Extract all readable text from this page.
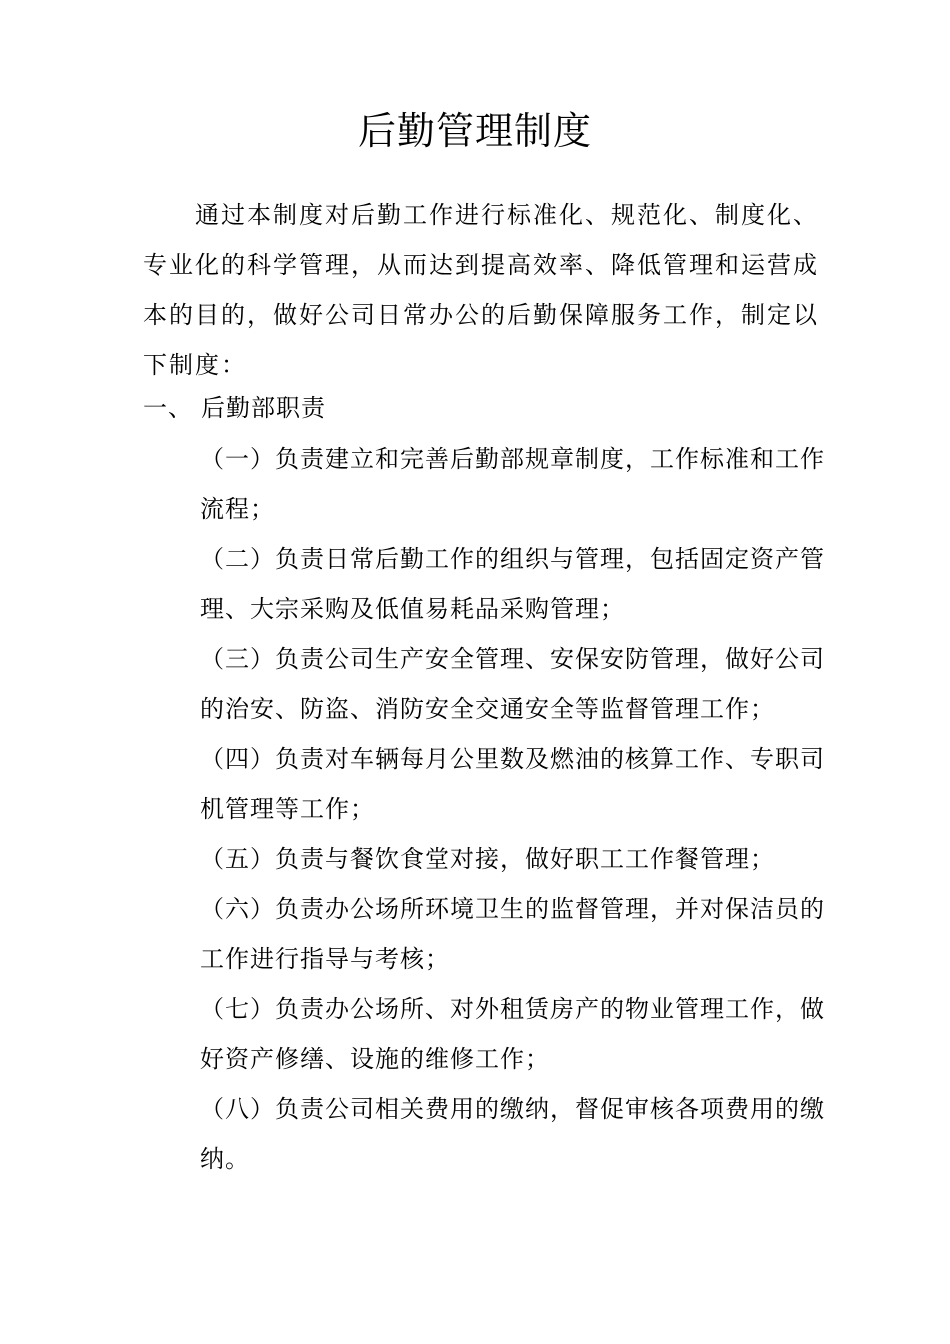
后勤管理制度

通过本制度对后勤工作进行标准化、规范化、制度化、专业化的科学管理，从而达到提高效率、降低管理和运营成本的目的，做好公司日常办公的后勤保障服务工作，制定以下制度：

一、 后勤部职责
（一）负责建立和完善后勤部规章制度，工作标准和工作流程；
（二）负责日常后勤工作的组织与管理，包括固定资产管理、大宗采购及低值易耗品采购管理；
（三）负责公司生产安全管理、安保安防管理，做好公司的治安、防盗、消防安全交通安全等监督管理工作；
（四）负责对车辆每月公里数及燃油的核算工作、专职司机管理等工作；
（五）负责与餐饮食堂对接，做好职工工作餐管理；
（六）负责办公场所环境卫生的监督管理，并对保洁员的工作进行指导与考核；
（七）负责办公场所、对外租赁房产的物业管理工作，做好资产修缮、设施的维修工作；
（八）负责公司相关费用的缴纳，督促审核各项费用的缴纳。
